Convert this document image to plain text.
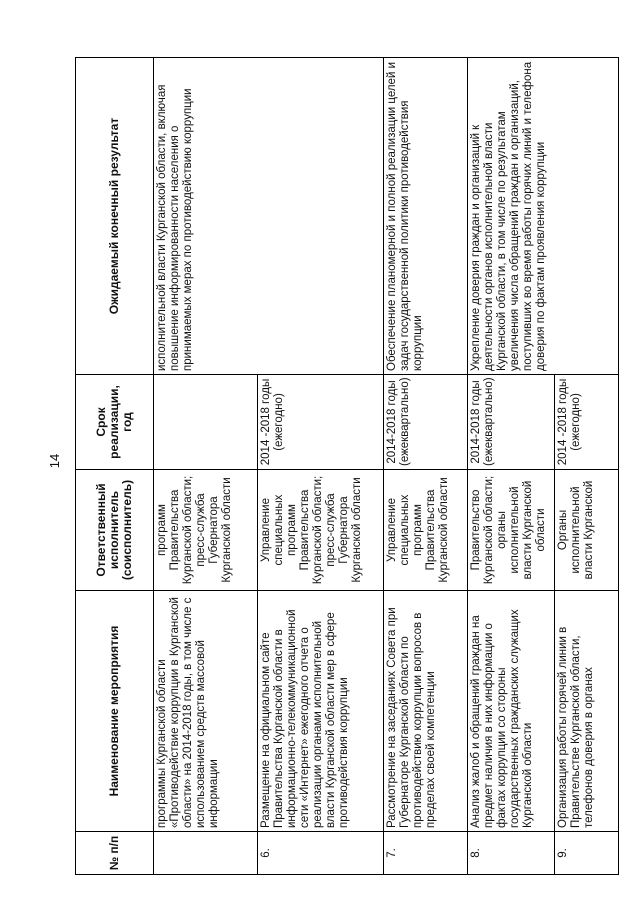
14
№ п/п	Наименование мероприятия	Ответственный исполнитель (соисполнитель)	Срок реализации, год	Ожидаемый конечный результат
	программы Курганской области «Противодействие коррупции в Курганской области» на 2014-2018 годы, в том числе с использованием средств массовой информации	программ Правительства Курганской области; пресс-служба Губернатора Курганской области		исполнительной власти Курганской области, включая повышение информированности населения о принимаемых мерах по противодействию коррупции
6.	Размещение на официальном сайте Правительства Курганской области в информационно-телекоммуникационной сети «Интернет» ежегодного отчета о реализации органами исполнительной власти Курганской области мер в сфере противодействия коррупции	Управление специальных программ Правительства Курганской области; пресс-служба Губернатора Курганской области	2014 -2018 годы (ежегодно)	
7.	Рассмотрение на заседаниях Совета при Губернаторе Курганской области по противодействию коррупции вопросов в пределах своей компетенции	Управление специальных программ Правительства Курганской области	2014-2018 годы (ежеквартально)	Обеспечение планомерной и полной реализации целей и задач государственной политики противодействия коррупции
8.	Анализ жалоб и обращений граждан на предмет наличия в них информации о фактах коррупции со стороны государственных гражданских служащих Курганской области	Правительство Курганской области; органы исполнительной власти Курганской области	2014-2018 годы (ежеквартально)	Укрепление доверия граждан и организаций к деятельности органов исполнительной власти Курганской области, в том числе по результатам увеличения числа обращений граждан и организаций, поступивших во время работы горячих линий и телефона доверия по фактам проявления коррупции
9.	Организация работы горячей линии в Правительстве Курганской области, телефонов доверия в органах	Органы исполнительной власти Курганской	2014 -2018 годы (ежегодно)	
